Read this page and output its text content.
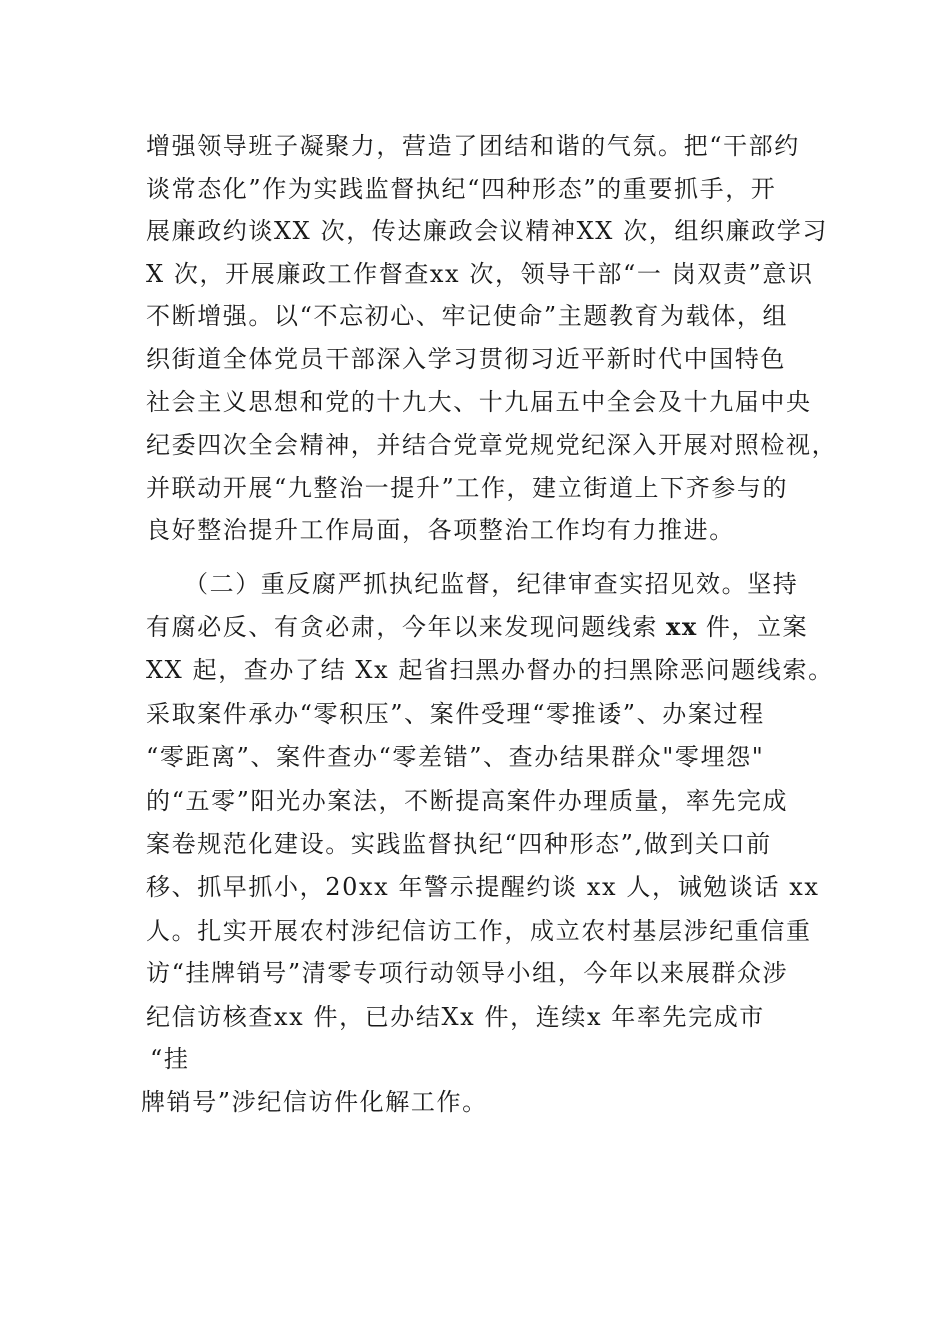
增强领导班子凝聚力，营造了团结和谐的气氛。把“干部约
谈常态化”作为实践监督执纪“四种形态”的重要抓手，开
展廉政约谈XX 次，传达廉政会议精神XX 次，组织廉政学习
X 次，开展廉政工作督查xx 次，领导干部“一 岗双责”意识
不断增强。以“不忘初心、牢记使命”主题教育为载体，组
织街道全体党员干部深入学习贯彻习近平新时代中国特色
社会主义思想和党的十九大、十九届五中全会及十九届中央
纪委四次全会精神，并结合党章党规党纪深入开展对照检视，
并联动开展“九整治一提升”工作，建立街道上下齐参与的
良好整治提升工作局面，各项整治工作均有力推进。
（二）重反腐严抓执纪监督，纪律审查实招见效。坚持
有腐必反、有贪必肃，今年以来发现问题线索 xx 件，立案
XX 起，查办了结 Xx 起省扫黑办督办的扫黑除恶问题线索。
采取案件承办“零积压”、案件受理“零推诿”、办案过程
“零距离”、案件查办“零差错”、查办结果群众"零埋怨"
的“五零”阳光办案法，不断提高案件办理质量，率先完成
案卷规范化建设。实践监督执纪“四种形态”,做到关口前
移、抓早抓小，20xx 年警示提醒约谈 xx 人，诫勉谈话 xx
人。扎实开展农村涉纪信访工作，成立农村基层涉纪重信重
访“挂牌销号”清零专项行动领导小组，今年以来展群众涉
纪信访核查xx 件，已办结Xx 件，连续x 年率先完成市
“挂
牌销号”涉纪信访件化解工作。
